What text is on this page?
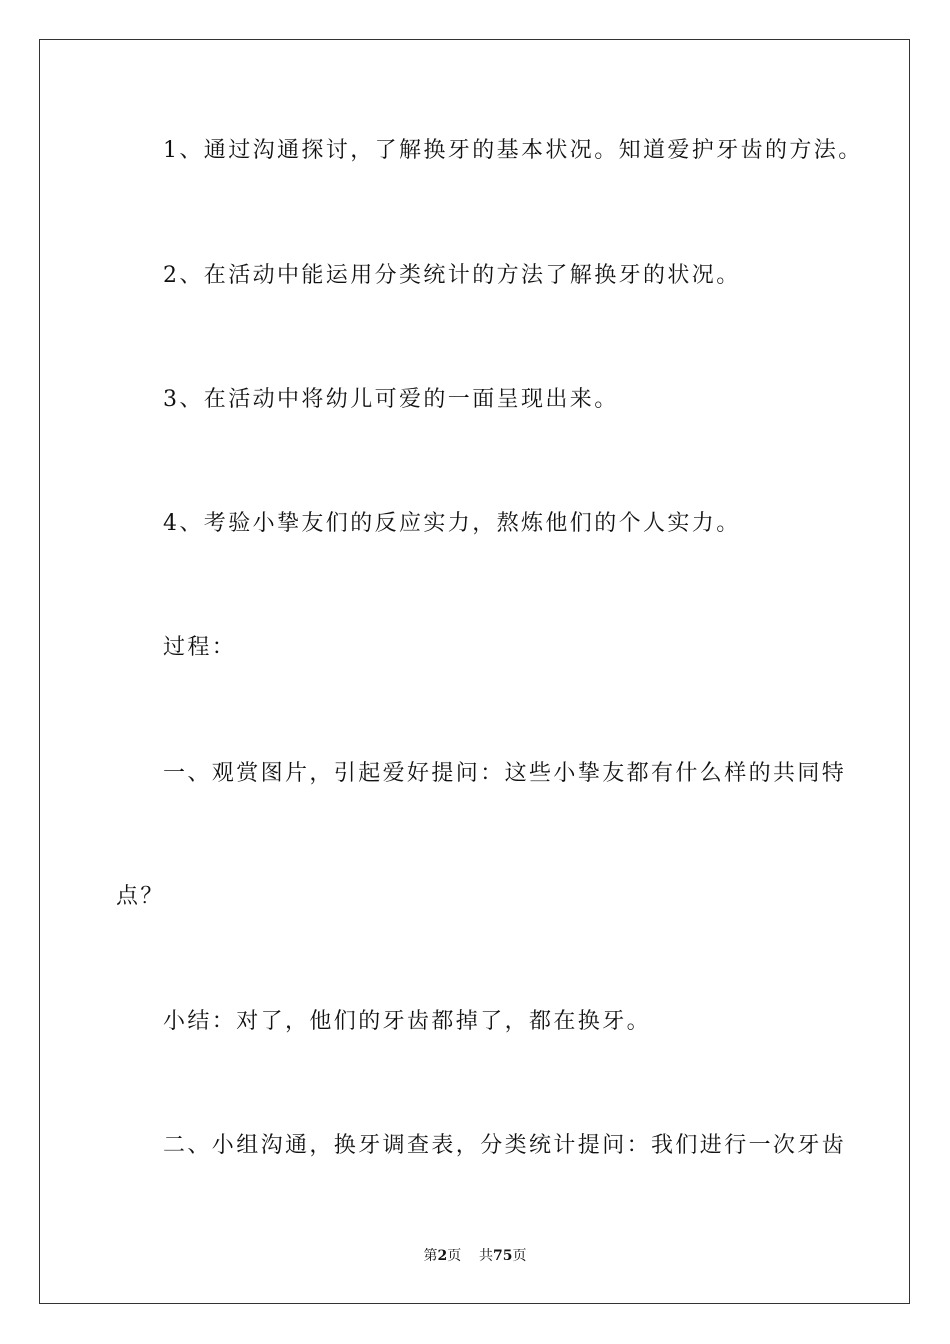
1、通过沟通探讨，了解换牙的基本状况。知道爱护牙齿的方法。

2、在活动中能运用分类统计的方法了解换牙的状况。

3、在活动中将幼儿可爱的一面呈现出来。

4、考验小挚友们的反应实力，熬炼他们的个人实力。

过程：

一、观赏图片，引起爱好提问：这些小挚友都有什么样的共同特

点？

小结：对了，他们的牙齿都掉了，都在换牙。

二、小组沟通，换牙调查表，分类统计提问：我们进行一次牙齿

第2页 共75页
